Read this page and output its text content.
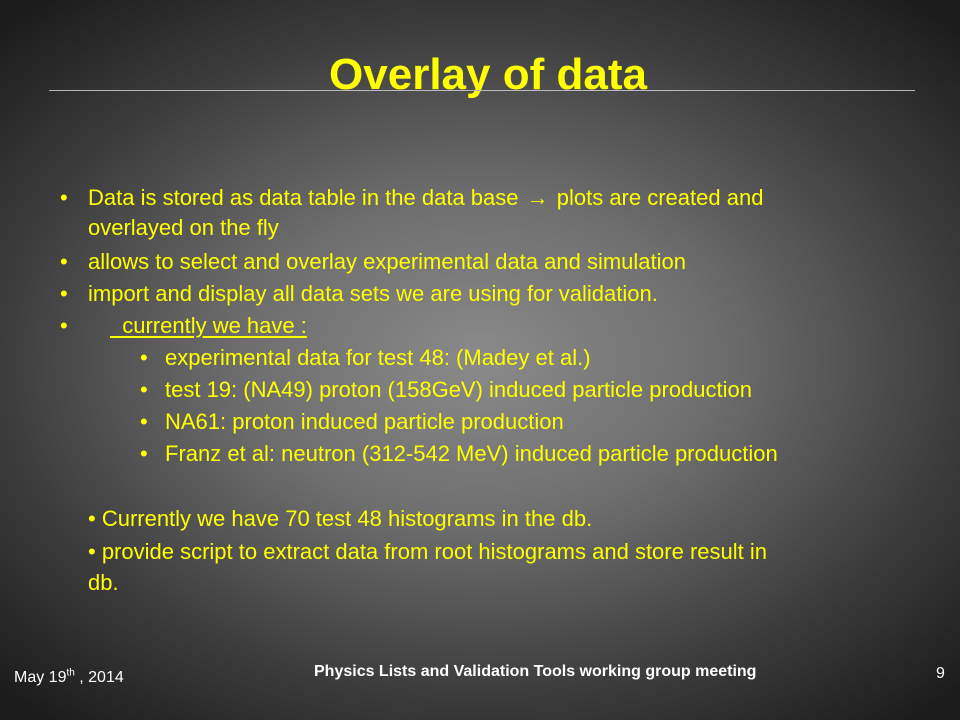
Overlay of data
• Data is stored as data table in the data base → plots are created and
overlayed on the fly
• allows to select and overlay experimental data and simulation
• import and display all data sets we are using for validation.
• currently we have :
• experimental data for test 48: (Madey et al.)
• test 19: (NA49) proton (158GeV) induced particle production
• NA61: proton induced particle production
• Franz et al: neutron (312-542 MeV) induced particle production
• Currently we have 70 test 48 histograms in the db.
• provide script to extract data from root histograms and store result in
db.
May 19th , 2014	Physics Lists and Validation Tools working group meeting	9
